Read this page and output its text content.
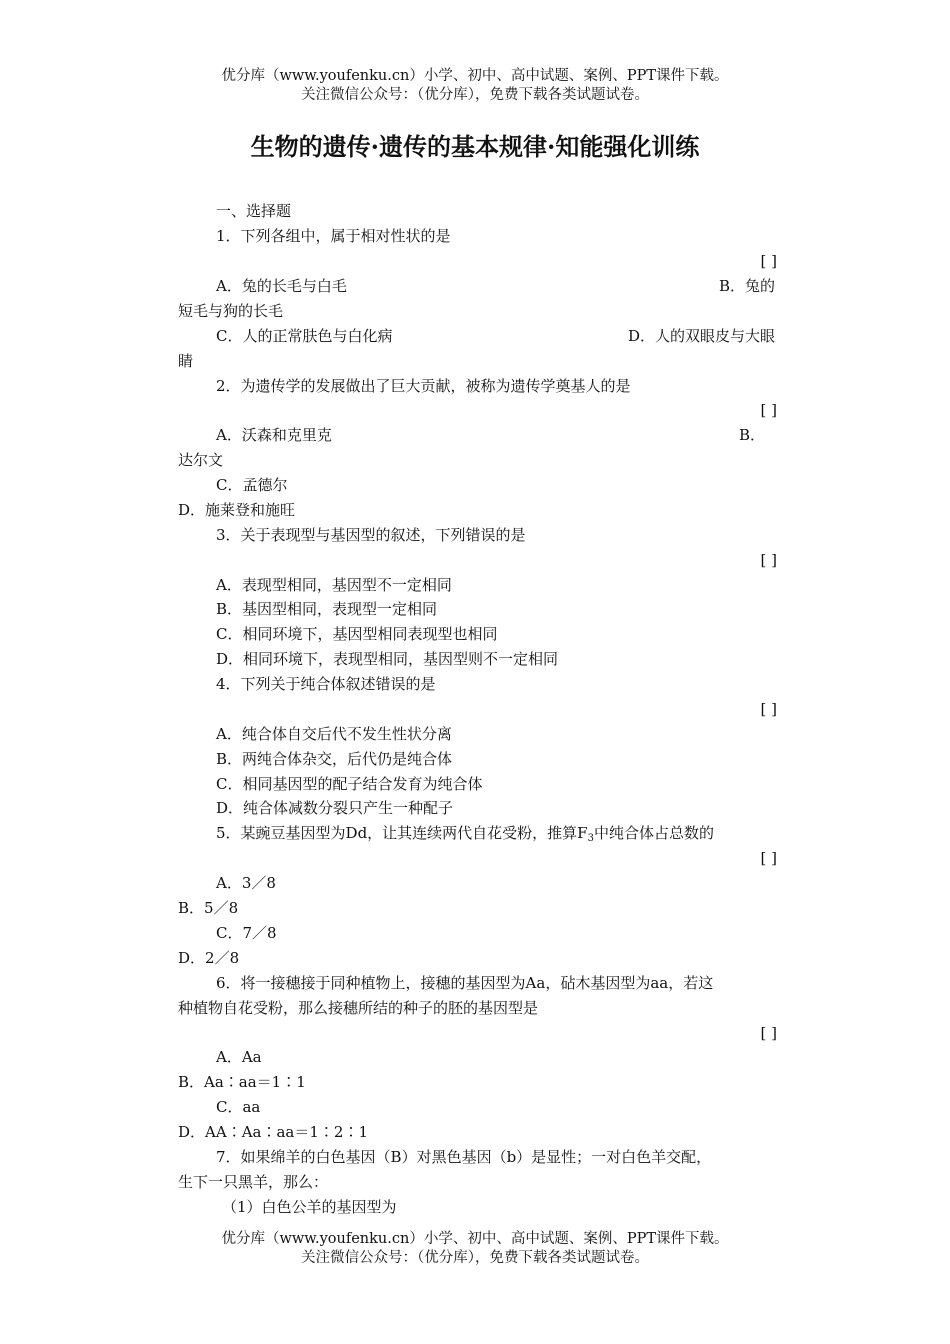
优分库（www.youfenku.cn）小学、初中、高中试题、案例、PPT课件下载。
关注微信公众号：（优分库），免费下载各类试题试卷。
生物的遗传·遗传的基本规律·知能强化训练
一、选择题
1．下列各组中，属于相对性状的是
[ ]
A．兔的长毛与白毛	B．兔的
短毛与狗的长毛
C．人的正常肤色与白化病	D．人的双眼皮与大眼
睛
2．为遗传学的发展做出了巨大贡献，被称为遗传学奠基人的是
[ ]
A．沃森和克里克	B．
达尔文
C．孟德尔
D．施莱登和施旺
3．关于表现型与基因型的叙述，下列错误的是
[ ]
A．表现型相同，基因型不一定相同
B．基因型相同，表现型一定相同
C．相同环境下，基因型相同表现型也相同
D．相同环境下，表现型相同，基因型则不一定相同
4．下列关于纯合体叙述错误的是
[ ]
A．纯合体自交后代不发生性状分离
B．两纯合体杂交，后代仍是纯合体
C．相同基因型的配子结合发育为纯合体
D．纯合体减数分裂只产生一种配子
5．某豌豆基因型为Dd，让其连续两代自花受粉，推算$F_3$中纯合体占总数的
[ ]
A．3／8
B．5／8
C．7／8
D．2／8
6．将一接穗接于同种植物上，接穗的基因型为Aa，砧木基因型为aa，若这
种植物自花受粉，那么接穗所结的种子的胚的基因型是
[ ]
A．Aa
B．Aa∶aa＝1∶1
C．aa
D．AA∶Aa∶aa＝1∶2∶1
7．如果绵羊的白色基因（B）对黑色基因（b）是显性；一对白色羊交配，
生下一只黑羊，那么：
（1）白色公羊的基因型为
优分库（www.youfenku.cn）小学、初中、高中试题、案例、PPT课件下载。
关注微信公众号：（优分库），免费下载各类试题试卷。
